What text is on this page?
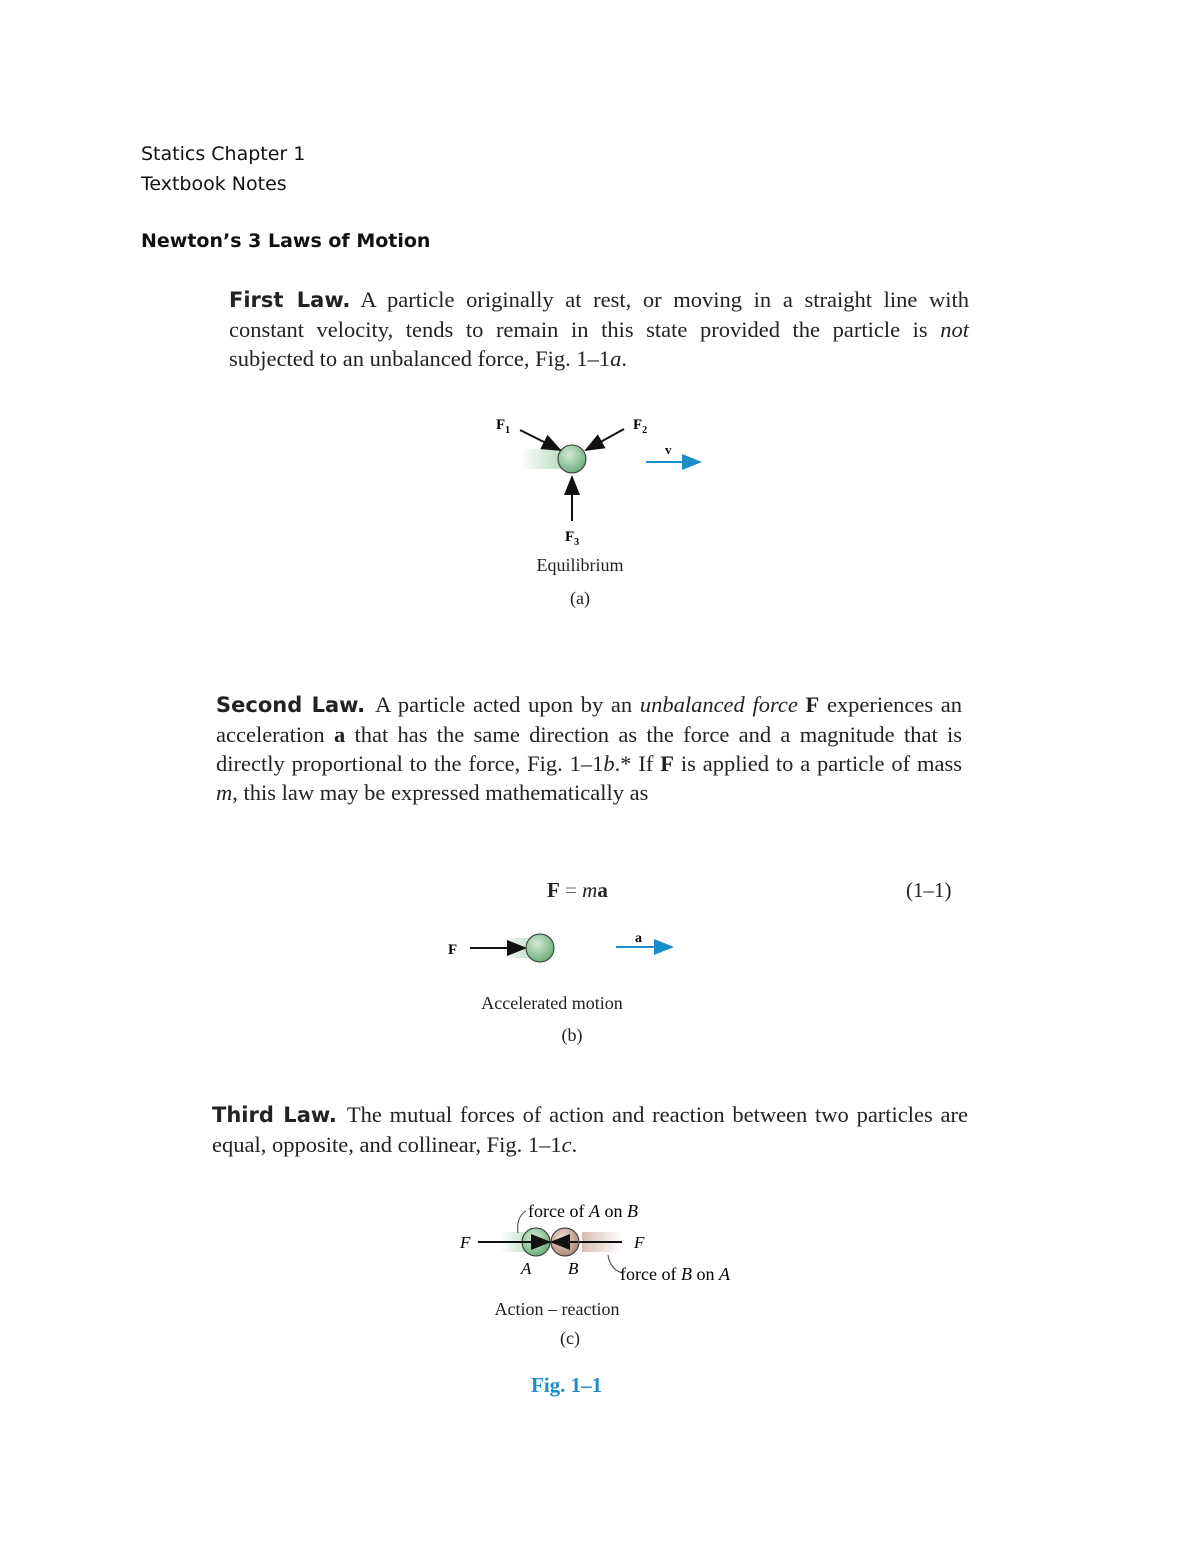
Statics Chapter 1
Textbook Notes
Newton’s 3 Laws of Motion
First Law. A particle originally at rest, or moving in a straight line with constant velocity, tends to remain in this state provided the particle is not subjected to an unbalanced force, Fig. 1–1a.
$F_1$	$F_2$
$F_3$
v
Equilibrium
(a)
Second Law. A particle acted upon by an unbalanced force F experiences an acceleration a that has the same direction as the force and a magnitude that is directly proportional to the force, Fig. 1–1b.* If F is applied to a particle of mass m, this law may be expressed mathematically as
F = ma	(1–1)
F
a
Accelerated motion
(b)
Third Law. The mutual forces of action and reaction between two particles are equal, opposite, and collinear, Fig. 1–1c.
force of A on B
F	F
A B force of B on A
Action – reaction
(c)
Fig. 1–1
